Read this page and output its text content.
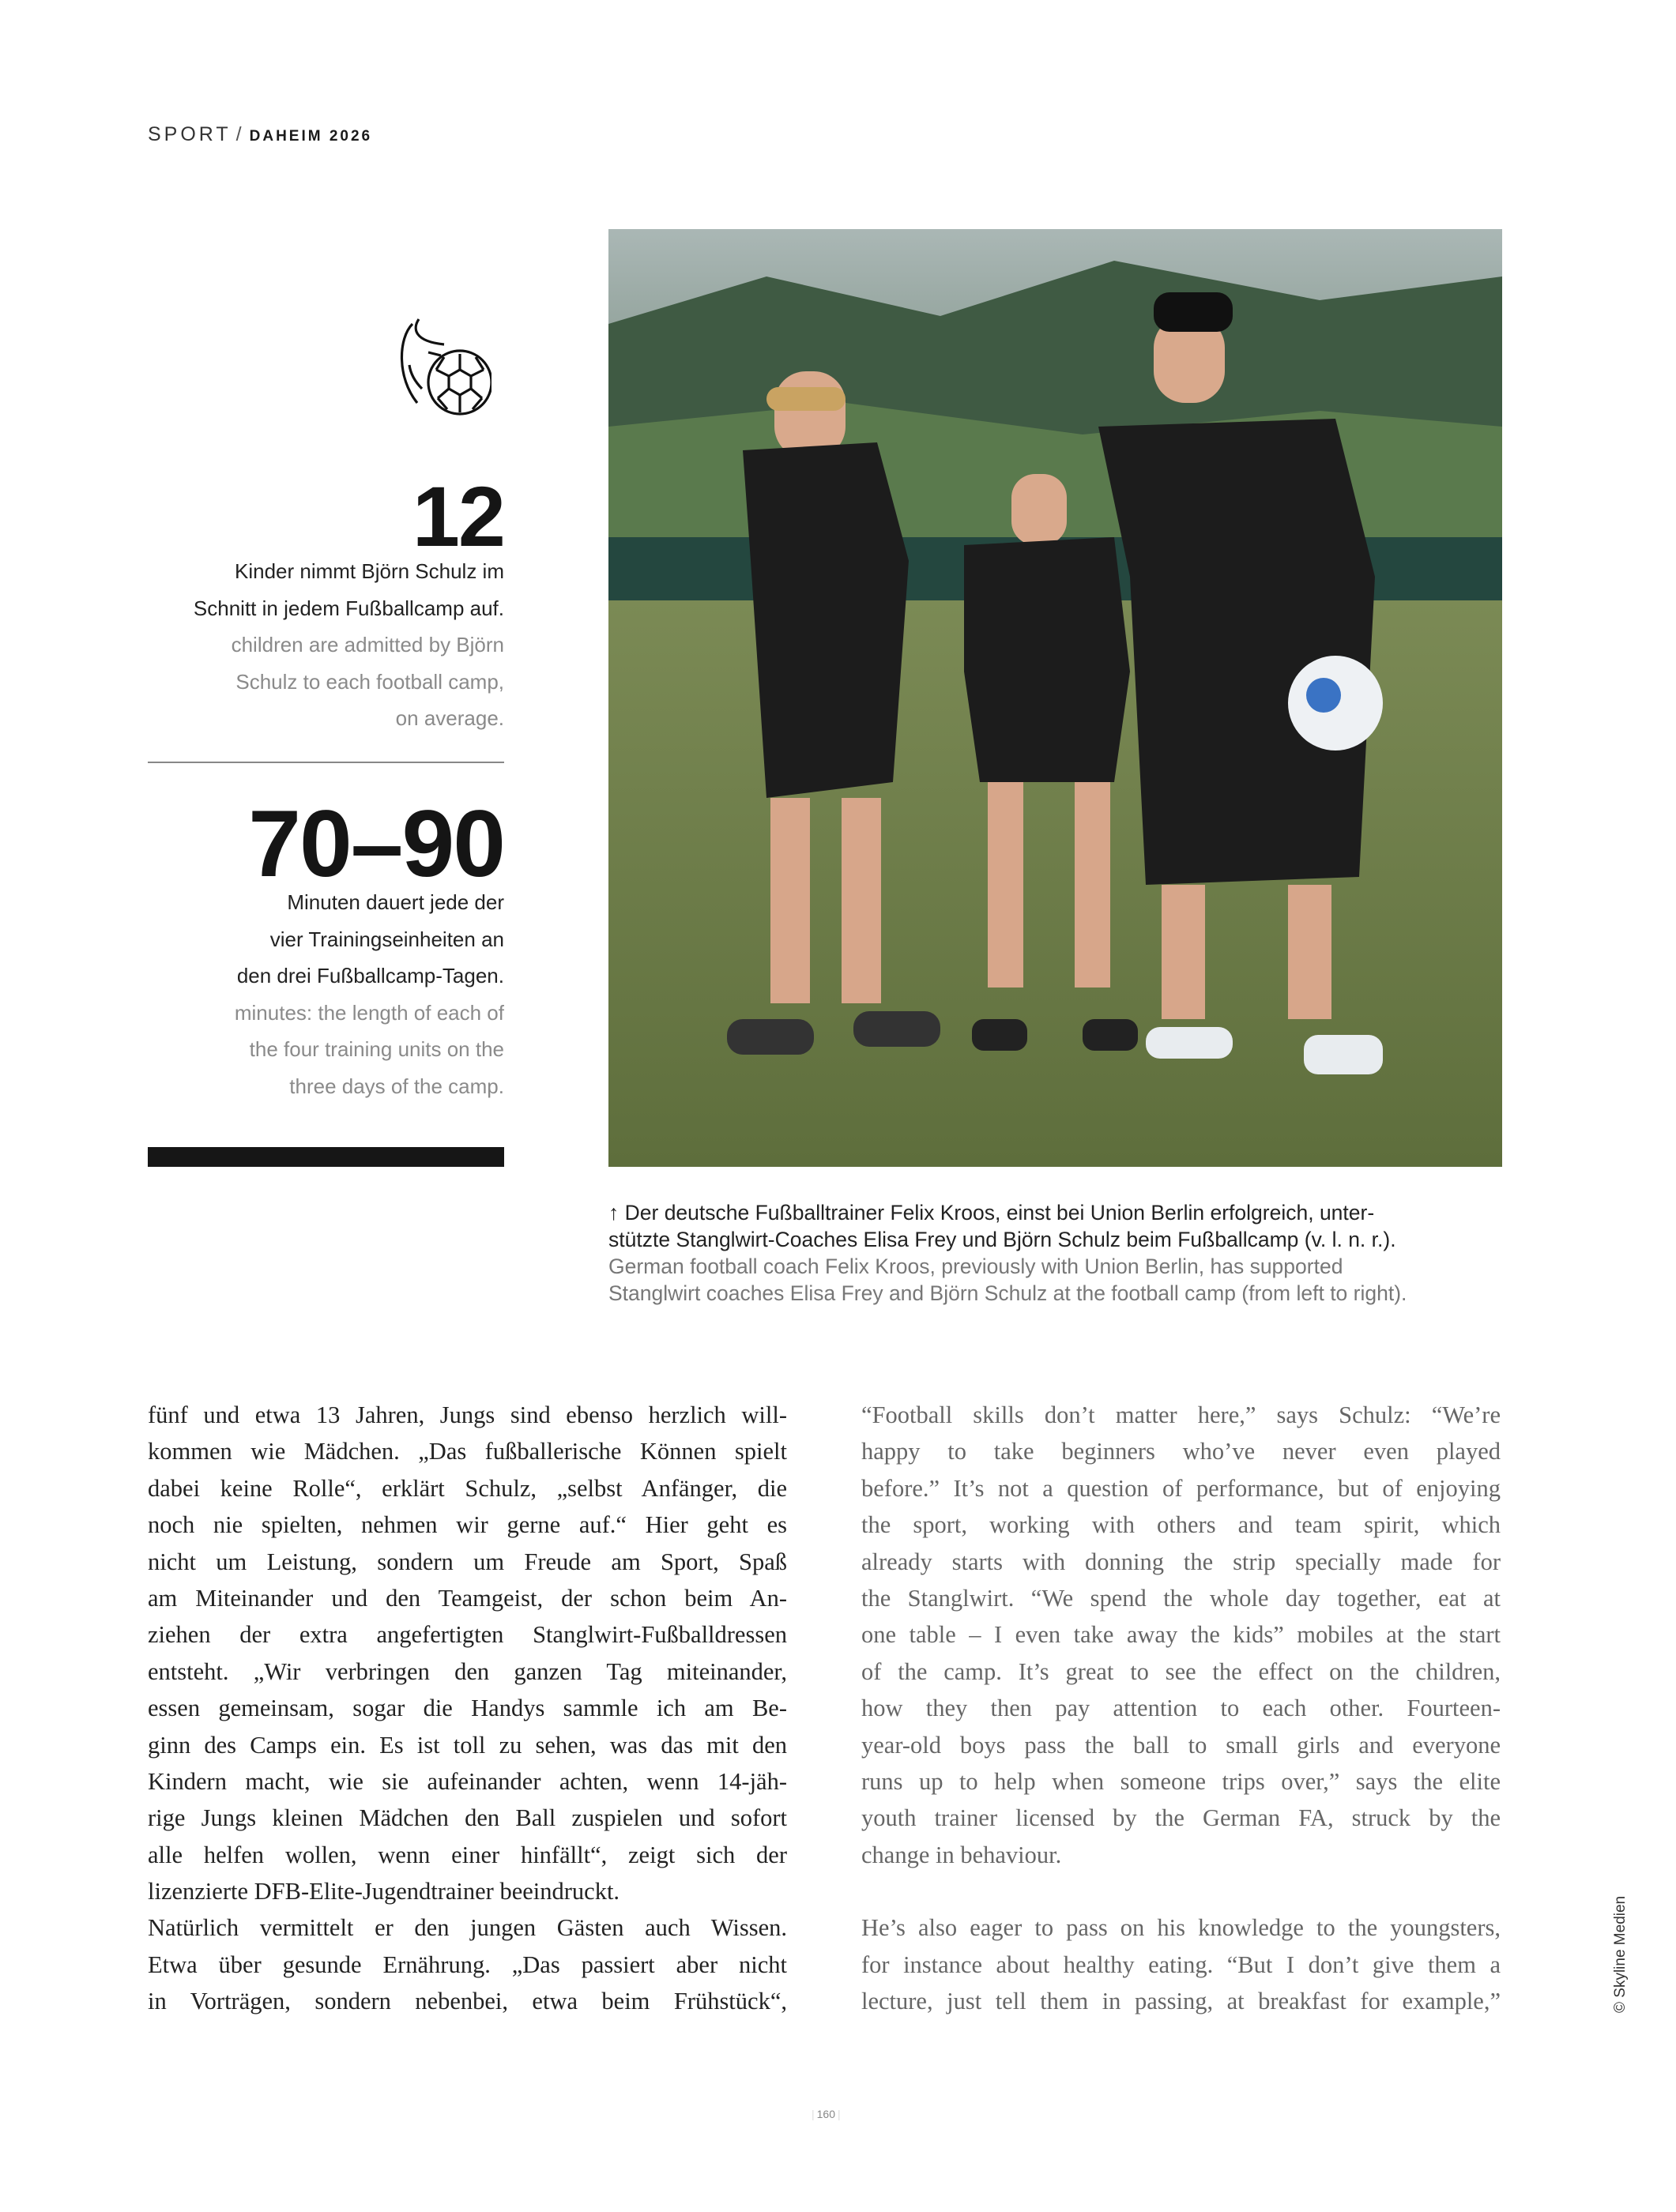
SPORT / DAHEIM 2026
12
Kinder nimmt Björn Schulz im
Schnitt in jedem Fußballcamp auf.
children are admitted by Björn
Schulz to each football camp,
on average.
70–90
Minuten dauert jede der
vier Trainingseinheiten an
den drei Fußballcamp-Tagen.
minutes: the length of each of
the four training units on the
three days of the camp.
↑ Der deutsche Fußballtrainer Felix Kroos, einst bei Union Berlin erfolgreich, unter-
stützte Stanglwirt-Coaches Elisa Frey und Björn Schulz beim Fußballcamp (v. l. n. r.).
German football coach Felix Kroos, previously with Union Berlin, has supported
Stanglwirt coaches Elisa Frey and Björn Schulz at the football camp (from left to right).
fünf und etwa 13 Jahren, Jungs sind ebenso herzlich will-
kommen wie Mädchen. „Das fußballerische Können spielt
dabei keine Rolle“, erklärt Schulz, „selbst Anfänger, die
noch nie spielten, nehmen wir gerne auf.“ Hier geht es
nicht um Leistung, sondern um Freude am Sport, Spaß
am Miteinander und den Teamgeist, der schon beim An-
ziehen der extra angefertigten Stanglwirt-Fußballdressen
entsteht. „Wir verbringen den ganzen Tag miteinander,
essen gemeinsam, sogar die Handys sammle ich am Be-
ginn des Camps ein. Es ist toll zu sehen, was das mit den
Kindern macht, wie sie aufeinander achten, wenn 14-jäh-
rige Jungs kleinen Mädchen den Ball zuspielen und sofort
alle helfen wollen, wenn einer hinfällt“, zeigt sich der
lizenzierte DFB-Elite-Jugendtrainer beeindruckt.
Natürlich vermittelt er den jungen Gästen auch Wissen.
Etwa über gesunde Ernährung. „Das passiert aber nicht
in Vorträgen, sondern nebenbei, etwa beim Frühstück“,
“Football skills don’t matter here,” says Schulz: “We’re
happy to take beginners who’ve never even played
before.” It’s not a question of performance, but of enjoying
the sport, working with others and team spirit, which
already starts with donning the strip specially made for
the Stanglwirt. “We spend the whole day together, eat at
one table – I even take away the kids” mobiles at the start
of the camp. It’s great to see the effect on the children,
how they then pay attention to each other. Fourteen-
year-old boys pass the ball to small girls and everyone
runs up to help when someone trips over,” says the elite
youth trainer licensed by the German FA, struck by the
change in behaviour.
He’s also eager to pass on his knowledge to the youngsters,
for instance about healthy eating. “But I don’t give them a
lecture, just tell them in passing, at breakfast for example,”
| 160 |
© Skyline Medien
